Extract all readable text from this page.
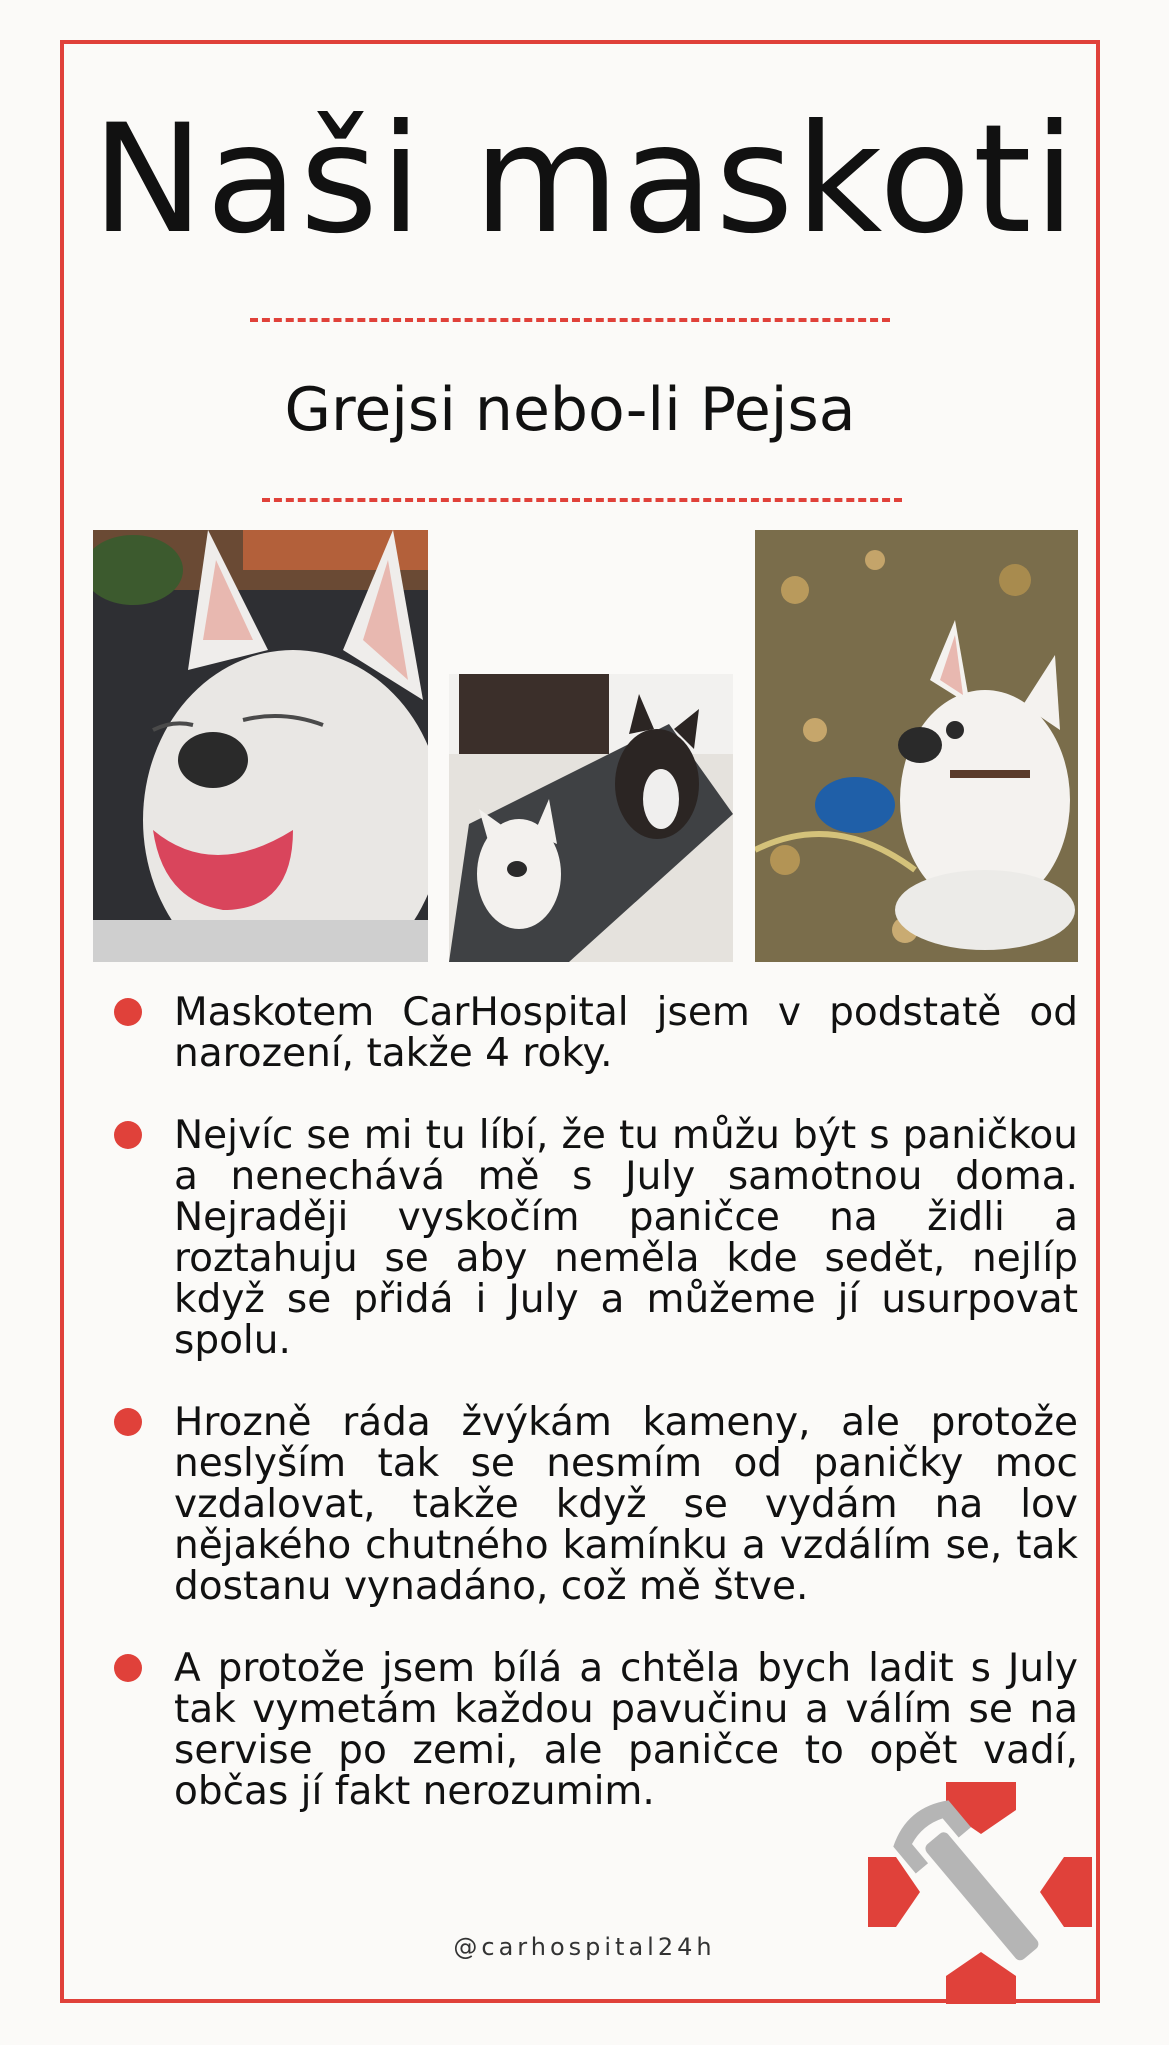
Naši maskoti
Grejsi nebo-li Pejsa
Maskotem CarHospital jsem v podstatě od narození, takže 4 roky.
Nejvíc se mi tu líbí, že tu můžu být s paničkou a nenechává mě s July samotnou doma. Nejraději vyskočím paničce na židli a roztahuju se aby neměla kde sedět, nejlíp když se přidá i July a můžeme jí usurpovat spolu.
Hrozně ráda žvýkám kameny, ale protože neslyším tak se nesmím od paničky moc vzdalovat, takže když se vydám na lov nějakého chutného kamínku a vzdálím se, tak dostanu vynadáno, což mě štve.
A protože jsem bílá a chtěla bych ladit s July tak vymetám každou pavučinu a válím se na servise po zemi, ale paničce to opět vadí, občas jí fakt nerozumim.
@carhospital24h
